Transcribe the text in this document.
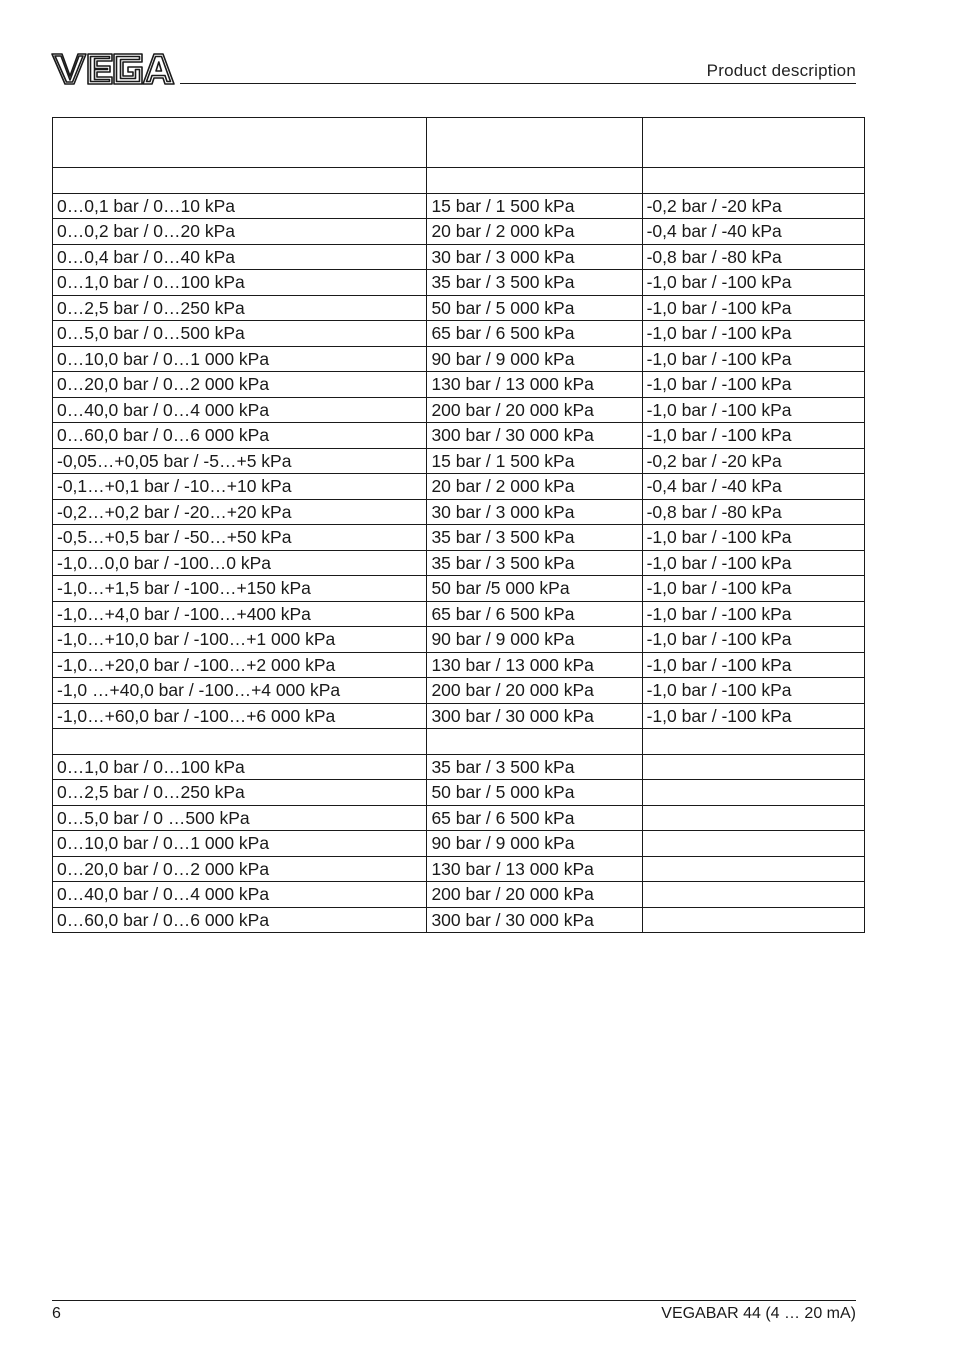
Product description

0…0,1 bar / 0…10 kPa	15 bar / 1 500 kPa	-0,2 bar / -20 kPa
0…0,2 bar / 0…20 kPa	20 bar / 2 000 kPa	-0,4 bar / -40 kPa
0…0,4 bar / 0…40 kPa	30 bar / 3 000 kPa	-0,8 bar / -80 kPa
0…1,0 bar / 0…100 kPa	35 bar / 3 500 kPa	-1,0 bar / -100 kPa
0…2,5 bar / 0…250 kPa	50 bar / 5 000 kPa	-1,0 bar / -100 kPa
0…5,0 bar / 0…500 kPa	65 bar / 6 500 kPa	-1,0 bar / -100 kPa
0…10,0 bar / 0…1 000 kPa	90 bar / 9 000 kPa	-1,0 bar / -100 kPa
0…20,0 bar / 0…2 000 kPa	130 bar / 13 000 kPa	-1,0 bar / -100 kPa
0…40,0 bar / 0…4 000 kPa	200 bar / 20 000 kPa	-1,0 bar / -100 kPa
0…60,0 bar / 0…6 000 kPa	300 bar / 30 000 kPa	-1,0 bar / -100 kPa
-0,05…+0,05 bar / -5…+5 kPa	15 bar / 1 500 kPa	-0,2 bar / -20 kPa
-0,1…+0,1 bar / -10…+10 kPa	20 bar / 2 000 kPa	-0,4 bar / -40 kPa
-0,2…+0,2 bar / -20…+20 kPa	30 bar / 3 000 kPa	-0,8 bar / -80 kPa
-0,5…+0,5 bar / -50…+50 kPa	35 bar / 3 500 kPa	-1,0 bar / -100 kPa
-1,0…0,0 bar / -100…0 kPa	35 bar / 3 500 kPa	-1,0 bar / -100 kPa
-1,0…+1,5 bar / -100…+150 kPa	50 bar /5 000 kPa	-1,0 bar / -100 kPa
-1,0…+4,0 bar / -100…+400 kPa	65 bar / 6 500 kPa	-1,0 bar / -100 kPa
-1,0…+10,0 bar / -100…+1 000 kPa	90 bar / 9 000 kPa	-1,0 bar / -100 kPa
-1,0…+20,0 bar / -100…+2 000 kPa	130 bar / 13 000 kPa	-1,0 bar / -100 kPa
-1,0 …+40,0 bar / -100…+4 000 kPa	200 bar / 20 000 kPa	-1,0 bar / -100 kPa
-1,0…+60,0 bar / -100…+6 000 kPa	300 bar / 30 000 kPa	-1,0 bar / -100 kPa

0…1,0 bar / 0…100 kPa	35 bar / 3 500 kPa	
0…2,5 bar / 0…250 kPa	50 bar / 5 000 kPa	
0…5,0 bar / 0 …500 kPa	65 bar / 6 500 kPa	
0…10,0 bar / 0…1 000 kPa	90 bar / 9 000 kPa	
0…20,0 bar / 0…2 000 kPa	130 bar / 13 000 kPa	
0…40,0 bar / 0…4 000 kPa	200 bar / 20 000 kPa	
0…60,0 bar / 0…6 000 kPa	300 bar / 30 000 kPa	
6	VEGABAR 44 (4 … 20 mA)
